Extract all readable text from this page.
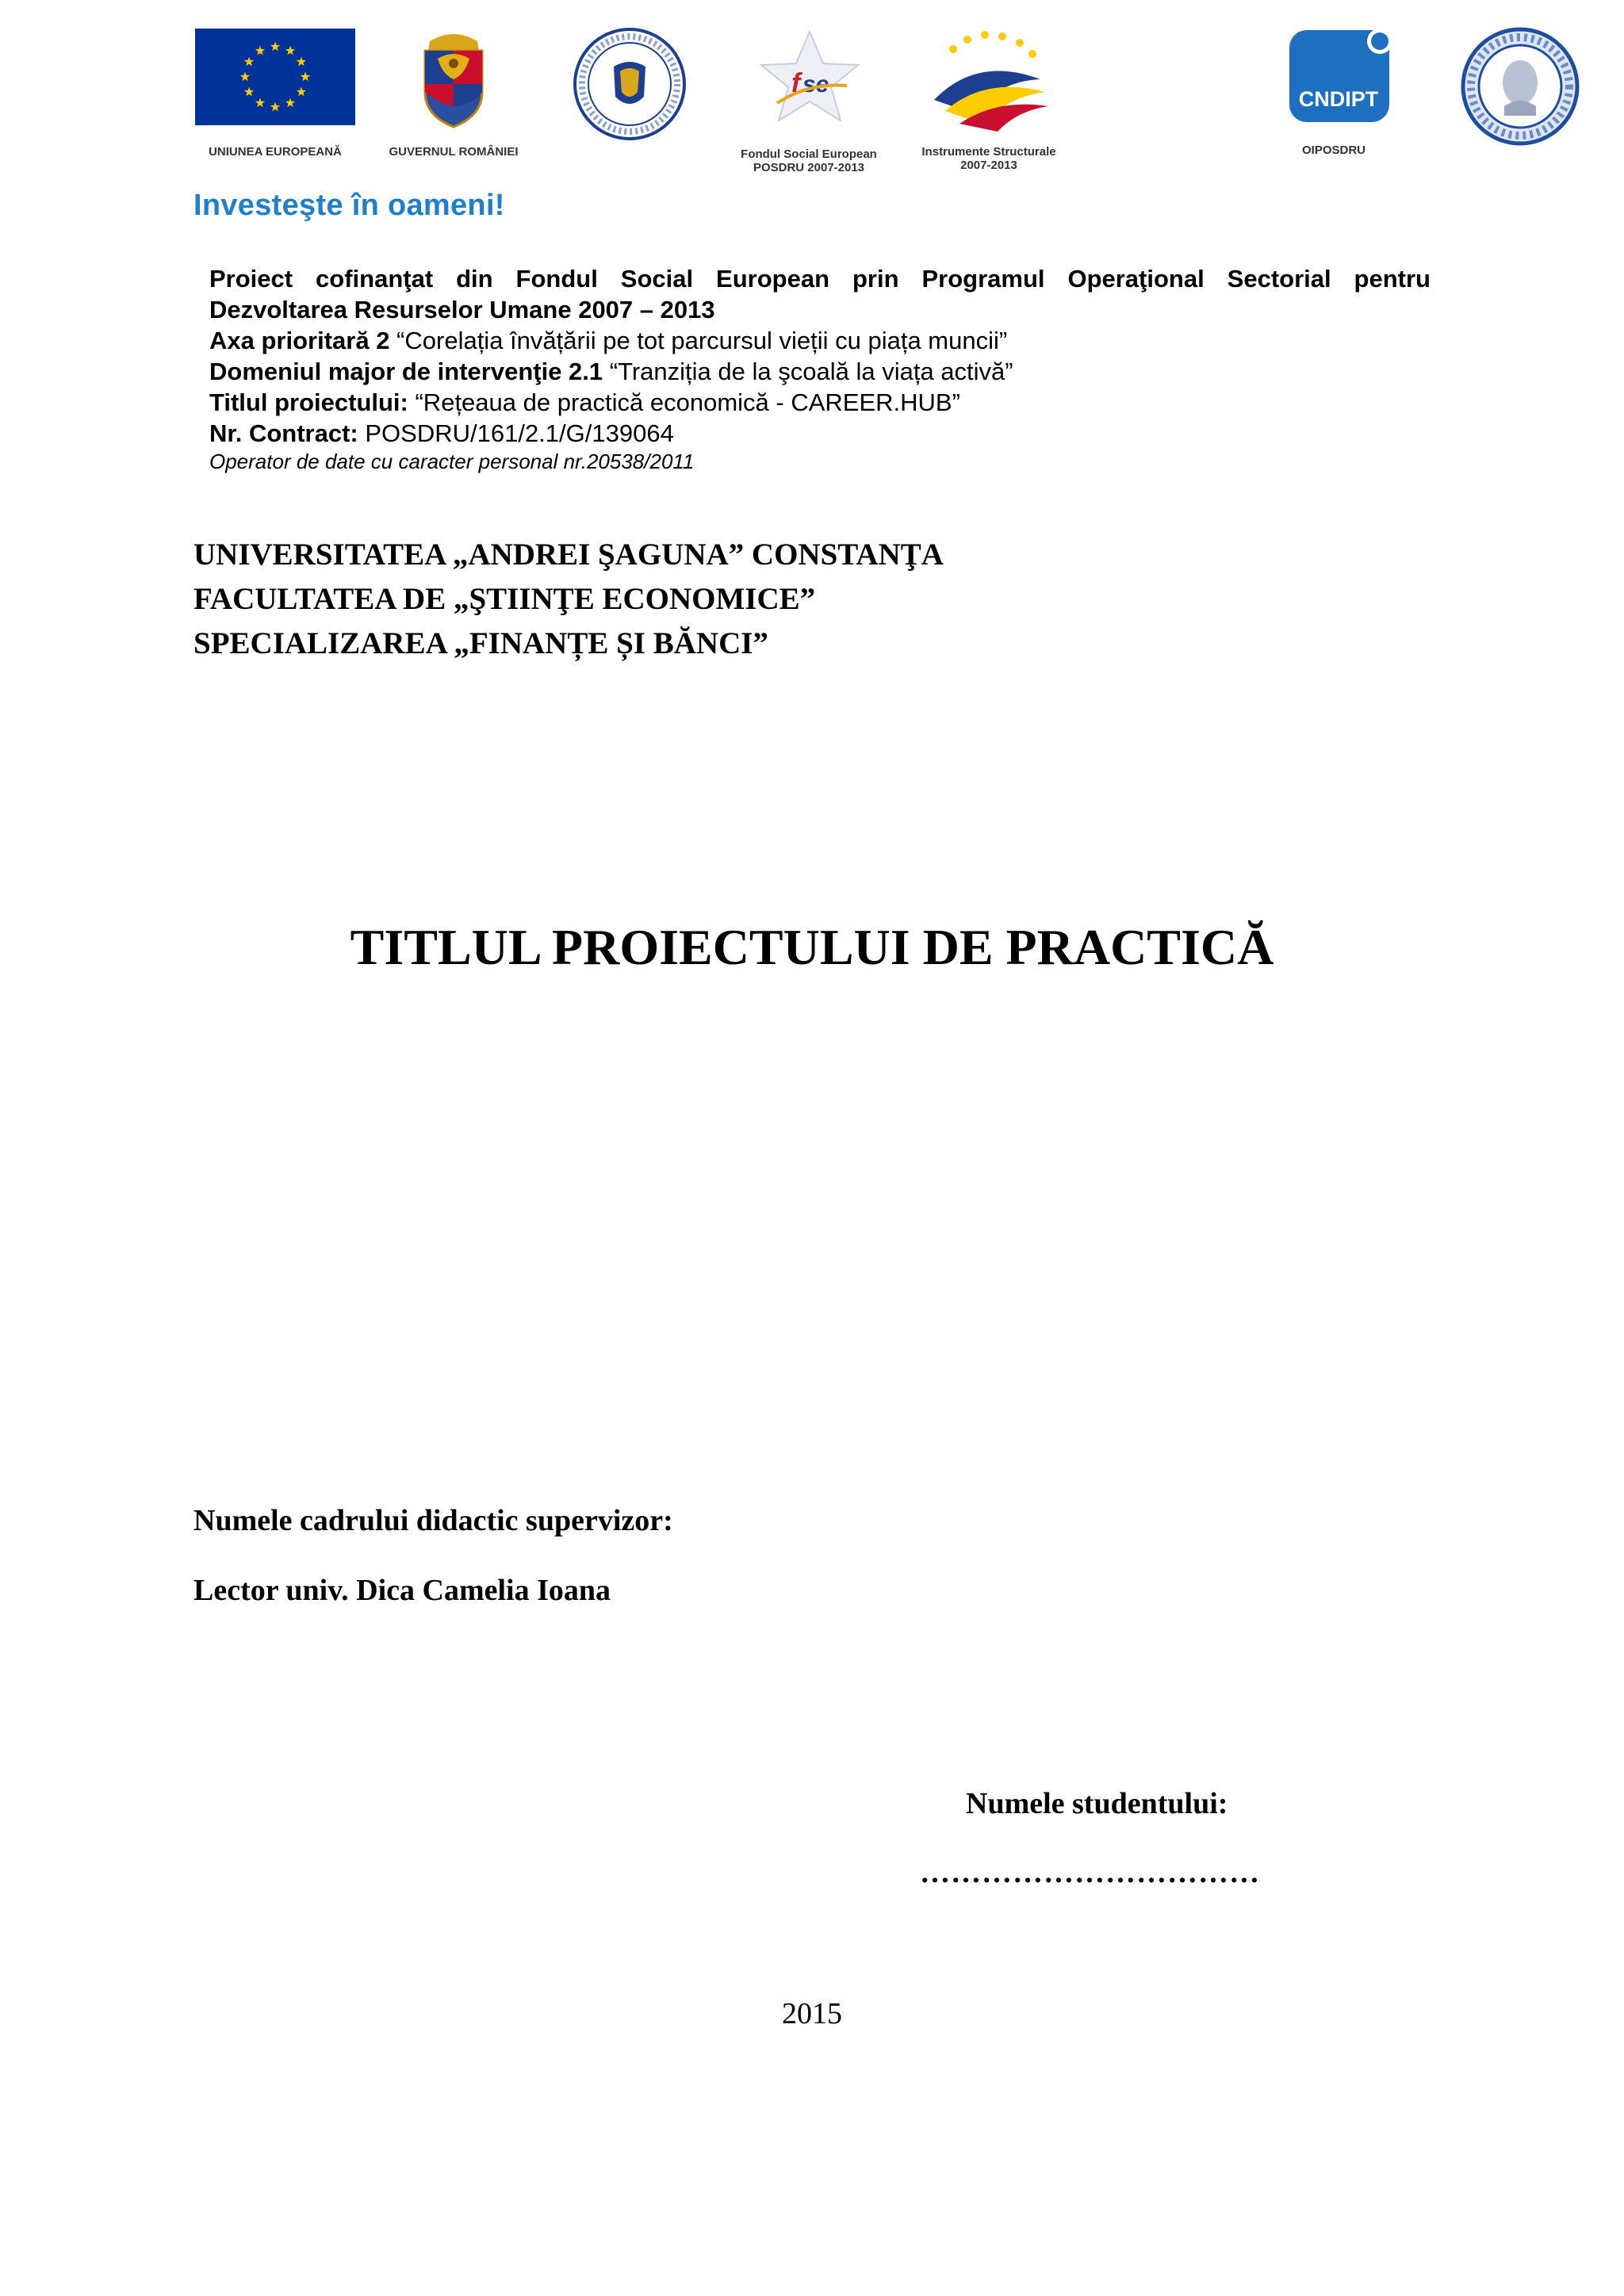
UNIUNEA EUROPEANĂ	GUVERNUL ROMÂNIEI
f se
Fondul Social European
POSDRU 2007-2013
Instrumente Structurale
2007-2013
CNDIPT
OIPOSDRU
Investeşte în oameni!
Proiect cofinanţat din Fondul Social European prin Programul Operaţional Sectorial pentru
Dezvoltarea Resurselor Umane 2007 – 2013
Axa prioritară 2 “Corelația învățării pe tot parcursul vieții cu piața muncii”
Domeniul major de intervenţie 2.1 “Tranziția de la şcoală la viața activă”
Titlul proiectului: “Rețeaua de practică economică - CAREER.HUB”
Nr. Contract: POSDRU/161/2.1/G/139064
Operator de date cu caracter personal nr.20538/2011
UNIVERSITATEA „ANDREI ŞAGUNA” CONSTANŢA
FACULTATEA DE „ŞTIINŢE ECONOMICE”
SPECIALIZAREA „FINANȚE ȘI BĂNCI”
TITLUL PROIECTULUI DE PRACTICĂ
Numele cadrului didactic supervizor:
Lector univ. Dica Camelia Ioana
Numele studentului:
……………………………
2015
